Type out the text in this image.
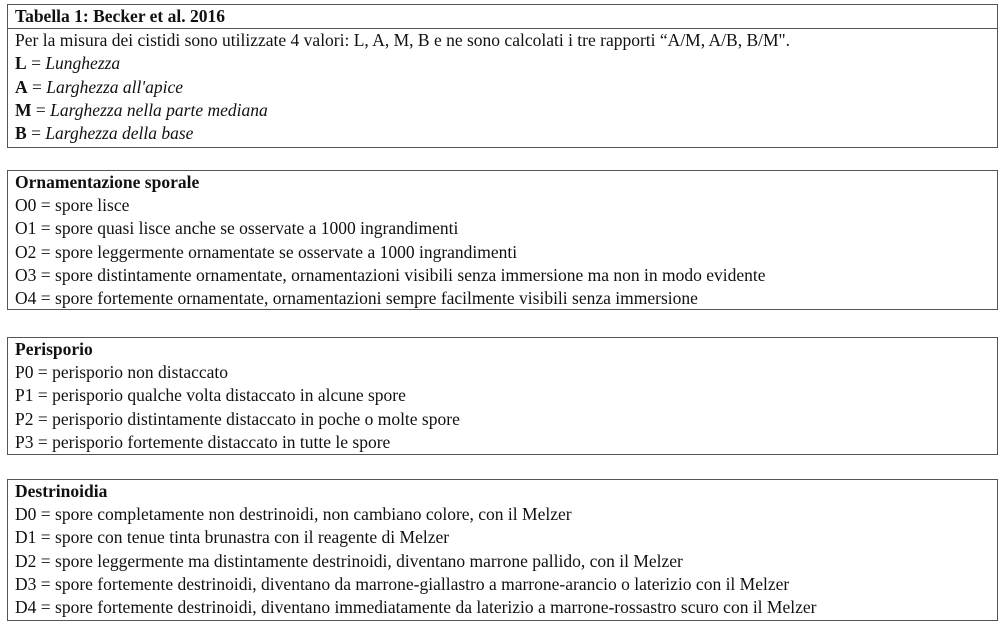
Tabella 1: Becker et al. 2016
Per la misura dei cistidi sono utilizzate 4 valori: L, A, M, B e ne sono calcolati i tre rapporti “A/M, A/B, B/M".
L = Lunghezza
A = Larghezza all'apice
M = Larghezza nella parte mediana
B = Larghezza della base
Ornamentazione sporale
O0 = spore lisce
O1 = spore quasi lisce anche se osservate a 1000 ingrandimenti
O2 = spore leggermente ornamentate se osservate a 1000 ingrandimenti
O3 = spore distintamente ornamentate, ornamentazioni visibili senza immersione ma non in modo evidente
O4 = spore fortemente ornamentate, ornamentazioni sempre facilmente visibili senza immersione
Perisporio
P0 = perisporio non distaccato
P1 = perisporio qualche volta distaccato in alcune spore
P2 = perisporio distintamente distaccato in poche o molte spore
P3 = perisporio fortemente distaccato in tutte le spore
Destrinoidia
D0 = spore completamente non destrinoidi, non cambiano colore, con il Melzer
D1 = spore con tenue tinta brunastra con il reagente di Melzer
D2 = spore leggermente ma distintamente destrinoidi, diventano marrone pallido, con il Melzer
D3 = spore fortemente destrinoidi, diventano da marrone-giallastro a marrone-arancio o laterizio con il Melzer
D4 = spore fortemente destrinoidi, diventano immediatamente da laterizio a marrone-rossastro scuro con il Melzer
